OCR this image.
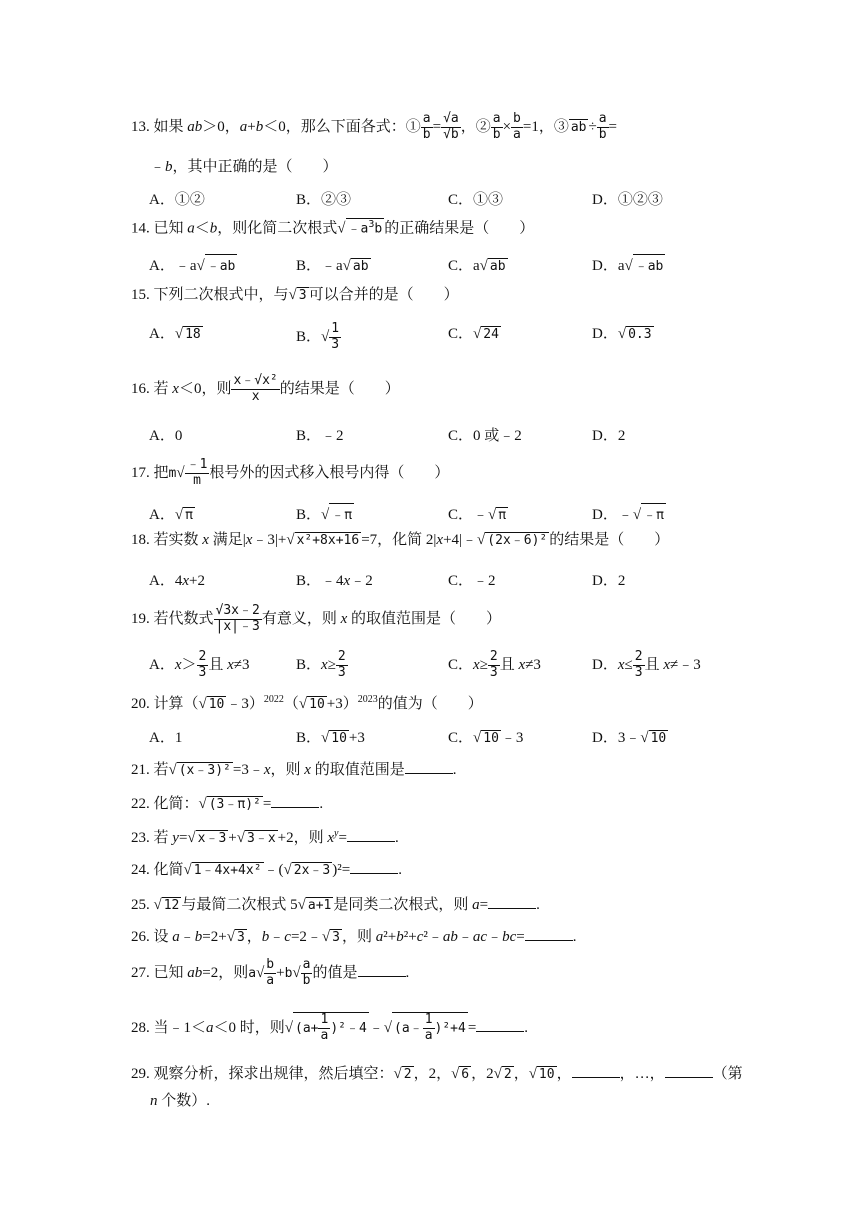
13. 如果 ab＞0，a+b＜0，那么下面各式：① $\frac{a}{b} = \frac{√a}{√b}$ ，② $\frac{a}{b} \times \frac{b}{a} =1$，③ ab ÷ $\frac{a}{b}$ =
﹣b，其中正确的是（　　）
A．①②	B．②③	C．①③	D．①②③
14. 已知 a＜b，则化简二次根式√ $﹣a^3b$ 的正确结果是（　　）
A．﹣a√ ﹣ab	B．﹣a√ ab	C．a√ ab	D．a√ ﹣ab
15. 下列二次根式中，与√ 3 可以合并的是（　　）
A．√ 18	B．√ $\frac{1}{3}$	C．√ 24	D．√ 0.3
16. 若 x＜0，则 $\frac{\text{x﹣√x²}}{x}$ 的结果是（　　）
A．0	B．﹣2	C．0 或﹣2	D．2
17. 把$m√ \frac{﹣1}{m}$ 根号外的因式移入根号内得（　　）
A．√ π	B．√ ﹣π	C．﹣√ π	D．﹣√ ﹣π
18. 若实数 x 满足|x﹣3|+√ x²+8x+16 =7，化简 2|x+4|﹣√ (2x﹣6)² 的结果是（　　）
A．4x+2	B．﹣4x﹣2	C．﹣2	D．2
19. 若代数式 $\frac{√3x﹣2}{|x|﹣3}$ 有意义，则 x 的取值范围是（　　）
A．$x> \frac{2}{3}$ 且 x≠3	B．$x\ge \frac{2}{3}$	C．$x\ge \frac{2}{3}$ 且 x≠3	D．$x\le \frac{2}{3}$ 且 x≠﹣3
20. 计算（√ 10 ﹣3）$^{2022}$（√ 10 +3）$^{2023}$的值为（　　）
A．1	B．√ 10 +3	C．√ 10 ﹣3	D．3﹣√ 10
21. 若√ (x﹣3)² =3﹣x，则 x 的取值范围是	.
22. 化简：√ (3﹣π)² =	.
23. 若 y=√ x﹣3 +√ 3﹣x +2，则 $x^y=$	.
24. 化简√ 1﹣4x+4x² ﹣(√ 2x﹣3 )²=	.
25. √ 12 与最简二次根式 5√ a+1 是同类二次根式，则 a=	.
26. 设 a﹣b=2+√ 3 ，b﹣c=2﹣√ 3 ，则 a²+b²+c²﹣ab﹣ac﹣bc=	.
27. 已知 ab=2，则$a√ \frac{b}{a} +b√ \frac{a}{b}$ 的值是	.
28. 当﹣1＜a＜0 时，则√ ($a+ \frac{1}{a}$ )²﹣4 ﹣√ (a﹣ $\frac{1}{a} )^2+4$ =	.
29. 观察分析，探求出规律，然后填空：√ 2 ，2，√ 6 ，2√ 2 ，√ 10 ，	，…，	（第
n 个数）.
